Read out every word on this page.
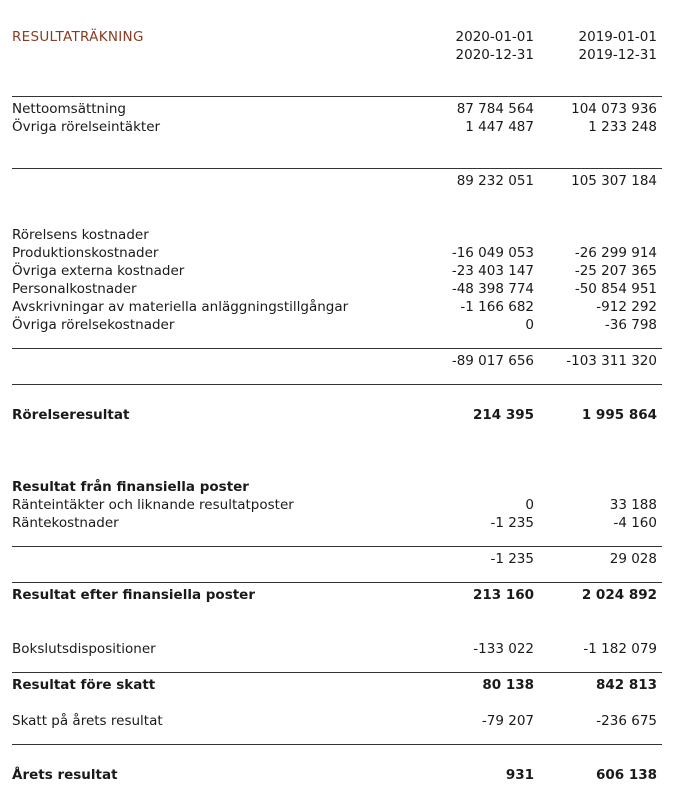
RESULTATRÄKNING	2020-01-01	2019-01-01
2020-12-31	2019-12-31
Nettoomsättning	87 784 564	104 073 936
Övriga rörelseintäkter	1 447 487	1 233 248
89 232 051	105 307 184
Rörelsens kostnader
Produktionskostnader	-16 049 053	-26 299 914
Övriga externa kostnader	-23 403 147	-25 207 365
Personalkostnader	-48 398 774	-50 854 951
Avskrivningar av materiella anläggningstillgångar	-1 166 682	-912 292
Övriga rörelsekostnader	0	-36 798
-89 017 656 -103 311 320
Rörelseresultat	214 395	1 995 864
Resultat från finansiella poster
Ränteintäkter och liknande resultatposter	0	33 188
Räntekostnader	-1 235	-4 160
-1 235	29 028
Resultat efter finansiella poster	213 160	2 024 892
Bokslutsdispositioner	-133 022	-1 182 079
Resultat före skatt	80 138	842 813
Skatt på årets resultat	-79 207	-236 675
Årets resultat	931	606 138
